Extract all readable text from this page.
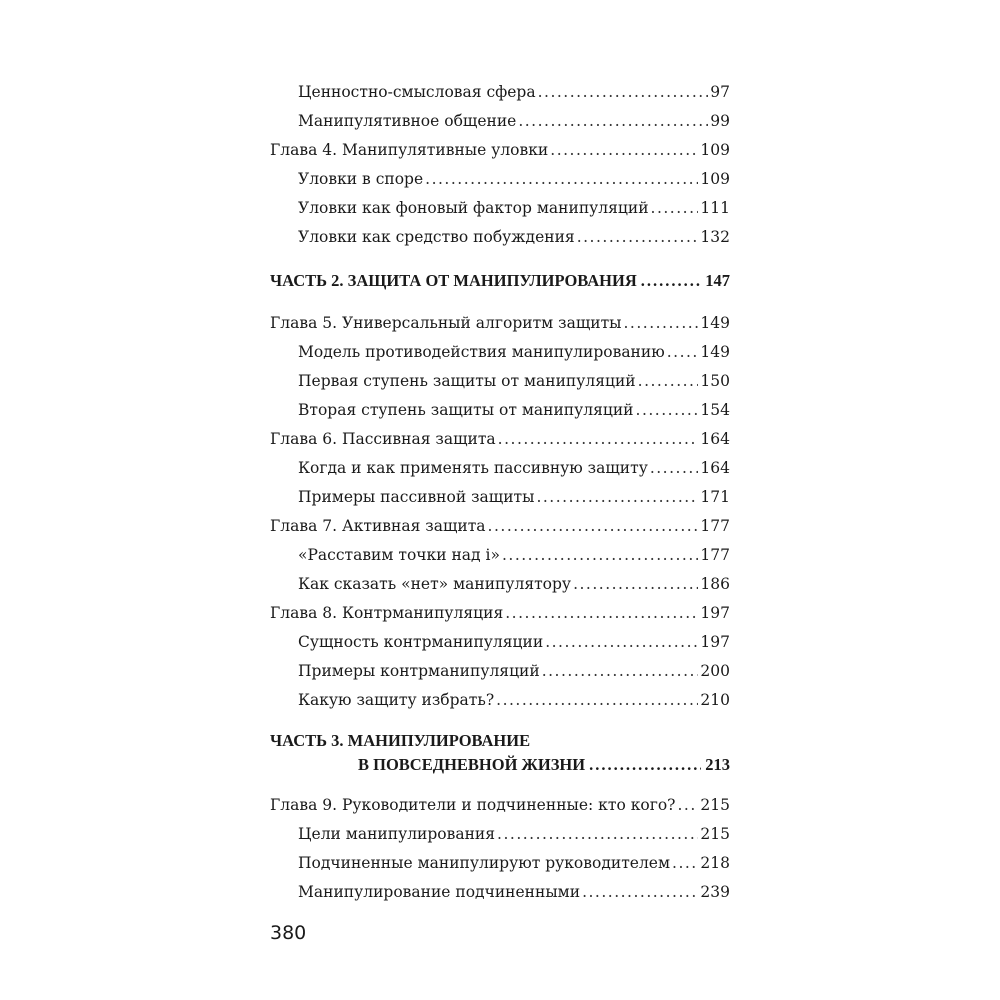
Ценностно-смысловая сфера .....	97
Манипулятивное общение .....	99
Глава 4. Манипулятивные уловки .....	109
Уловки в споре .....	109
Уловки как фоновый фактор манипуляций .....	111
Уловки как средство побуждения .....	132
ЧАСТЬ 2. ЗАЩИТА ОТ МАНИПУЛИРОВАНИЯ .....	147
Глава 5. Универсальный алгоритм защиты .....	149
Модель противодействия манипулированию ..... 149
Первая ступень защиты от манипуляций .....	150
Вторая ступень защиты от манипуляций .....	154
Глава 6. Пассивная защита .....	164
Когда и как применять пассивную защиту .....	164
Примеры пассивной защиты .....	171
Глава 7. Активная защита .....	177
«Расставим точки над і» .....	177
Как сказать «нет» манипулятору .....	186
Глава 8. Контрманипуляция .....	197
Сущность контрманипуляции .....	197
Примеры контрманипуляций .....	200
Какую защиту избрать? .....	210
ЧАСТЬ 3. МАНИПУЛИРОВАНИЕ
В ПОВСЕДНЕВНОЙ ЖИЗНИ .....	213
Глава 9. Руководители и подчиненные: кто кого? ..... 215
Цели манипулирования .....	215
Подчиненные манипулируют руководителем ..... 218
Манипулирование подчиненными .....	239
380
